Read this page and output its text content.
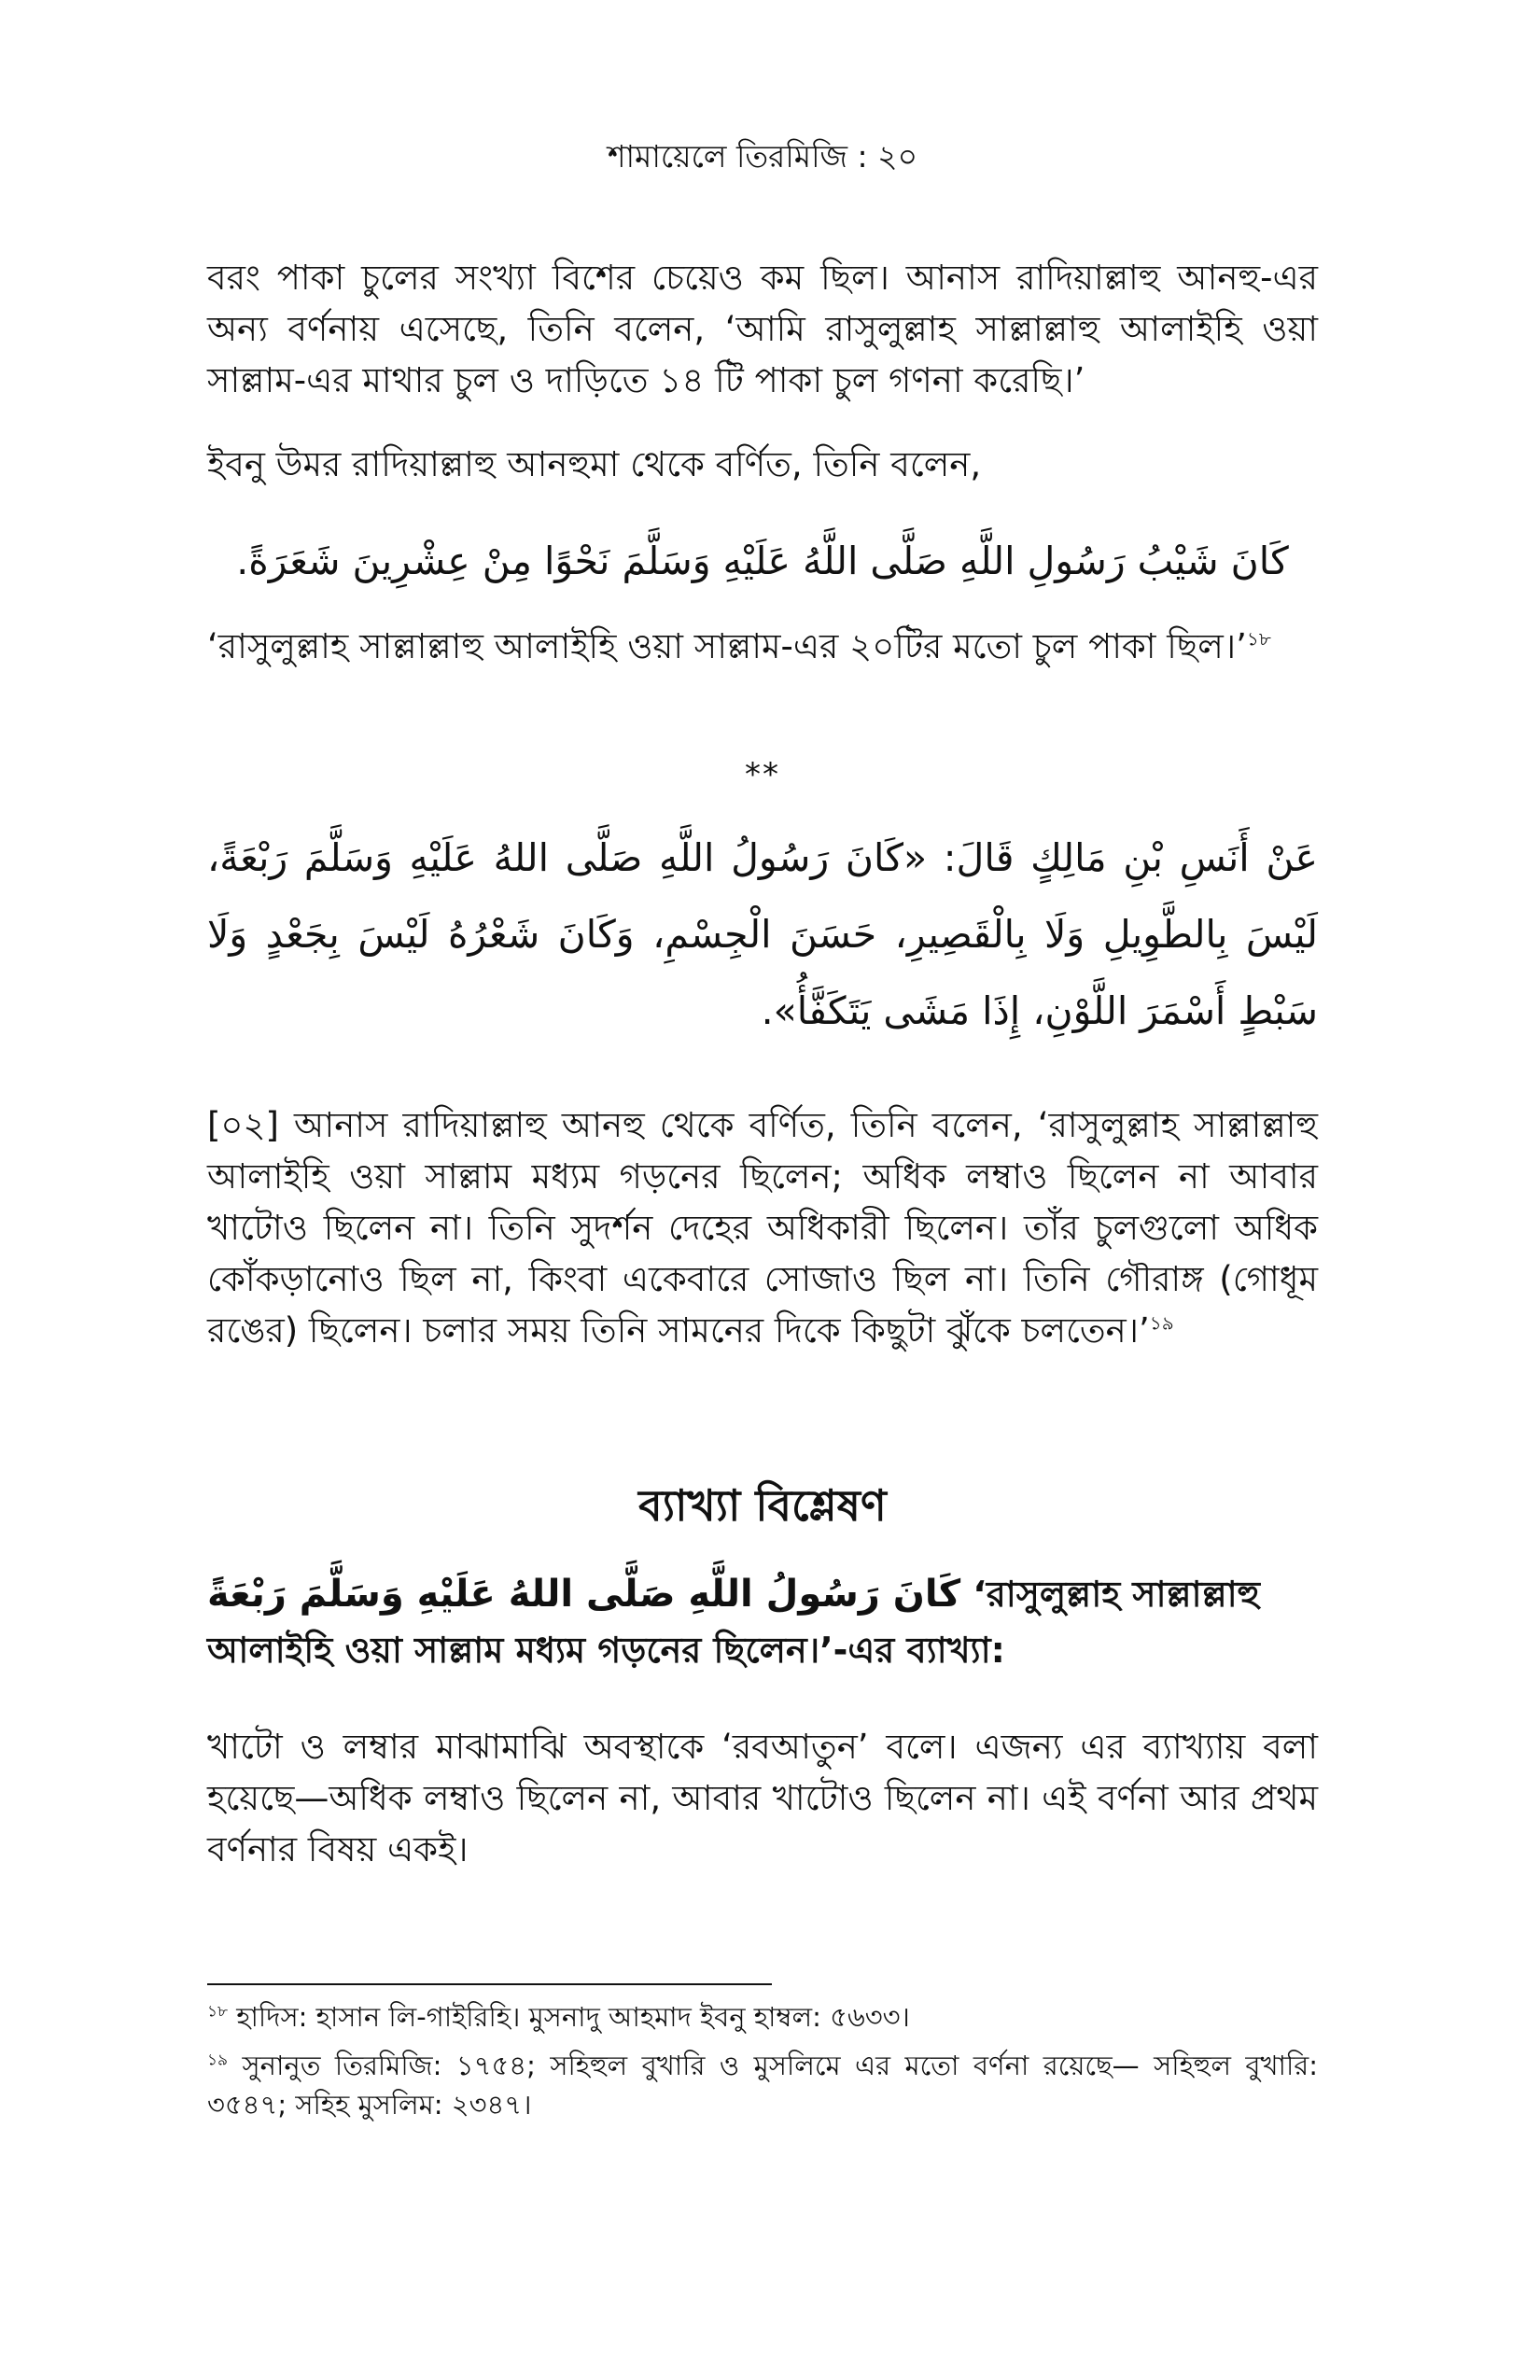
শামায়েলে তিরমিজি : ২০

বরং পাকা চুলের সংখ্যা বিশের চেয়েও কম ছিল। আনাস রাদিয়াল্লাহু আনহু-এর অন্য বর্ণনায় এসেছে, তিনি বলেন, ‘আমি রাসুলুল্লাহ সাল্লাল্লাহু আলাইহি ওয়া সাল্লাম-এর মাথার চুল ও দাড়িতে ১৪ টি পাকা চুল গণনা করেছি।’

ইবনু উমর রাদিয়াল্লাহু আনহুমা থেকে বর্ণিত, তিনি বলেন,

كَانَ شَيْبُ رَسُولِ اللَّهِ صَلَّى اللَّهُ عَلَيْهِ وَسَلَّمَ نَحْوًا مِنْ عِشْرِينَ شَعَرَةً.

‘রাসুলুল্লাহ সাল্লাল্লাহু আলাইহি ওয়া সাল্লাম-এর ২০টির মতো চুল পাকা ছিল।’$^{১৮}$

**
عَنْ أَنَسِ بْنِ مَالِكٍ قَالَ: «كَانَ رَسُولُ اللَّهِ صَلَّى اللهُ عَلَيْهِ وَسَلَّمَ رَبْعَةً، لَيْسَ بِالطَّوِيلِ وَلَا بِالْقَصِيرِ، حَسَنَ الْجِسْمِ، وَكَانَ شَعْرُهُ لَيْسَ بِجَعْدٍ وَلَا سَبْطٍ أَسْمَرَ اللَّوْنِ، إِذَا مَشَى يَتَكَفَّأُ».

[০২] আনাস রাদিয়াল্লাহু আনহু থেকে বর্ণিত, তিনি বলেন, ‘রাসুলুল্লাহ সাল্লাল্লাহু আলাইহি ওয়া সাল্লাম মধ্যম গড়নের ছিলেন; অধিক লম্বাও ছিলেন না আবার খাটোও ছিলেন না। তিনি সুদর্শন দেহের অধিকারী ছিলেন। তাঁর চুলগুলো অধিক কোঁকড়ানোও ছিল না, কিংবা একেবারে সোজাও ছিল না। তিনি গৌরাঙ্গ (গোধূম রঙের) ছিলেন। চলার সময় তিনি সামনের দিকে কিছুটা ঝুঁকে চলতেন।’$^{১৯}$

ব্যাখ্যা বিশ্লেষণ

كَانَ رَسُولُ اللَّهِ صَلَّى اللهُ عَلَيْهِ وَسَلَّمَ رَبْعَةً ‘রাসুলুল্লাহ সাল্লাল্লাহু আলাইহি ওয়া সাল্লাম মধ্যম গড়নের ছিলেন।’-এর ব্যাখ্যা:

খাটো ও লম্বার মাঝামাঝি অবস্থাকে ‘রবআতুন’ বলে। এজন্য এর ব্যাখ্যায় বলা হয়েছে—অধিক লম্বাও ছিলেন না, আবার খাটোও ছিলেন না। এই বর্ণনা আর প্রথম বর্ণনার বিষয় একই।

$^{১৮}$ হাদিস: হাসান লি-গাইরিহি। মুসনাদু আহমাদ ইবনু হাম্বল: ৫৬৩৩।

$^{১৯}$ সুনানুত তিরমিজি: ১৭৫৪; সহিহুল বুখারি ও মুসলিমে এর মতো বর্ণনা রয়েছে— সহিহুল বুখারি: ৩৫৪৭; সহিহ মুসলিম: ২৩৪৭।
